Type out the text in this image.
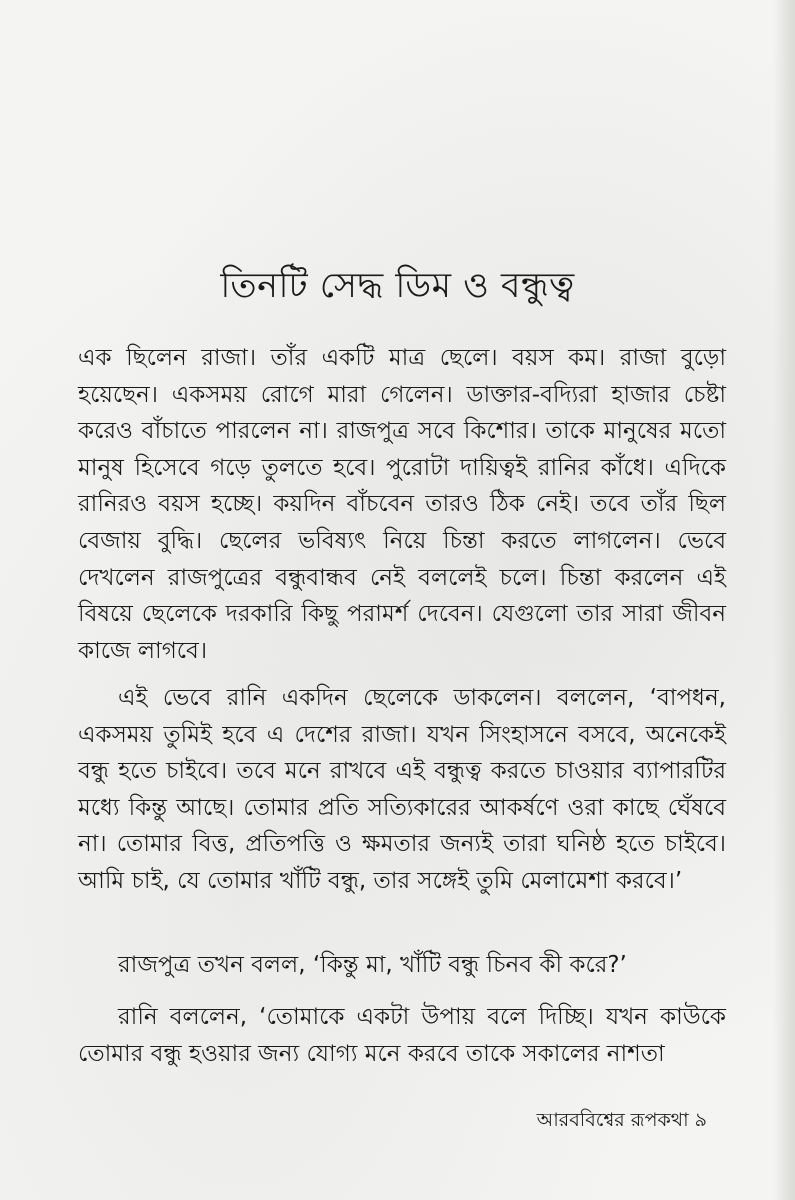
তিনটি সেদ্ধ ডিম ও বন্ধুত্ব

এক ছিলেন রাজা। তাঁর একটি মাত্র ছেলে। বয়স কম। রাজা বুড়ো হয়েছেন। একসময় রোগে মারা গেলেন। ডাক্তার-বদ্যিরা হাজার চেষ্টা করেও বাঁচাতে পারলেন না। রাজপুত্র সবে কিশোর। তাকে মানুষের মতো মানুষ হিসেবে গড়ে তুলতে হবে। পুরোটা দায়িত্বই রানির কাঁধে। এদিকে রানিরও বয়স হচ্ছে। কয়দিন বাঁচবেন তারও ঠিক নেই। তবে তাঁর ছিল বেজায় বুদ্ধি। ছেলের ভবিষ্যৎ নিয়ে চিন্তা করতে লাগলেন। ভেবে দেখলেন রাজপুত্রের বন্ধুবান্ধব নেই বললেই চলে। চিন্তা করলেন এই বিষয়ে ছেলেকে দরকারি কিছু পরামর্শ দেবেন। যেগুলো তার সারা জীবন কাজে লাগবে।

এই ভেবে রানি একদিন ছেলেকে ডাকলেন। বললেন, ‘বাপধন, একসময় তুমিই হবে এ দেশের রাজা। যখন সিংহাসনে বসবে, অনেকেই বন্ধু হতে চাইবে। তবে মনে রাখবে এই বন্ধুত্ব করতে চাওয়ার ব্যাপারটির মধ্যে কিন্তু আছে। তোমার প্রতি সত্যিকারের আকর্ষণে ওরা কাছে ঘেঁষবে না। তোমার বিত্ত, প্রতিপত্তি ও ক্ষমতার জন্যই তারা ঘনিষ্ঠ হতে চাইবে। আমি চাই, যে তোমার খাঁটি বন্ধু, তার সঙ্গেই তুমি মেলামেশা করবে।’

রাজপুত্র তখন বলল, ‘কিন্তু মা, খাঁটি বন্ধু চিনব কী করে?’

রানি বললেন, ‘তোমাকে একটা উপায় বলে দিচ্ছি। যখন কাউকে তোমার বন্ধু হওয়ার জন্য যোগ্য মনে করবে তাকে সকালের নাশতা

আরববিশ্বের রূপকথা ৯
